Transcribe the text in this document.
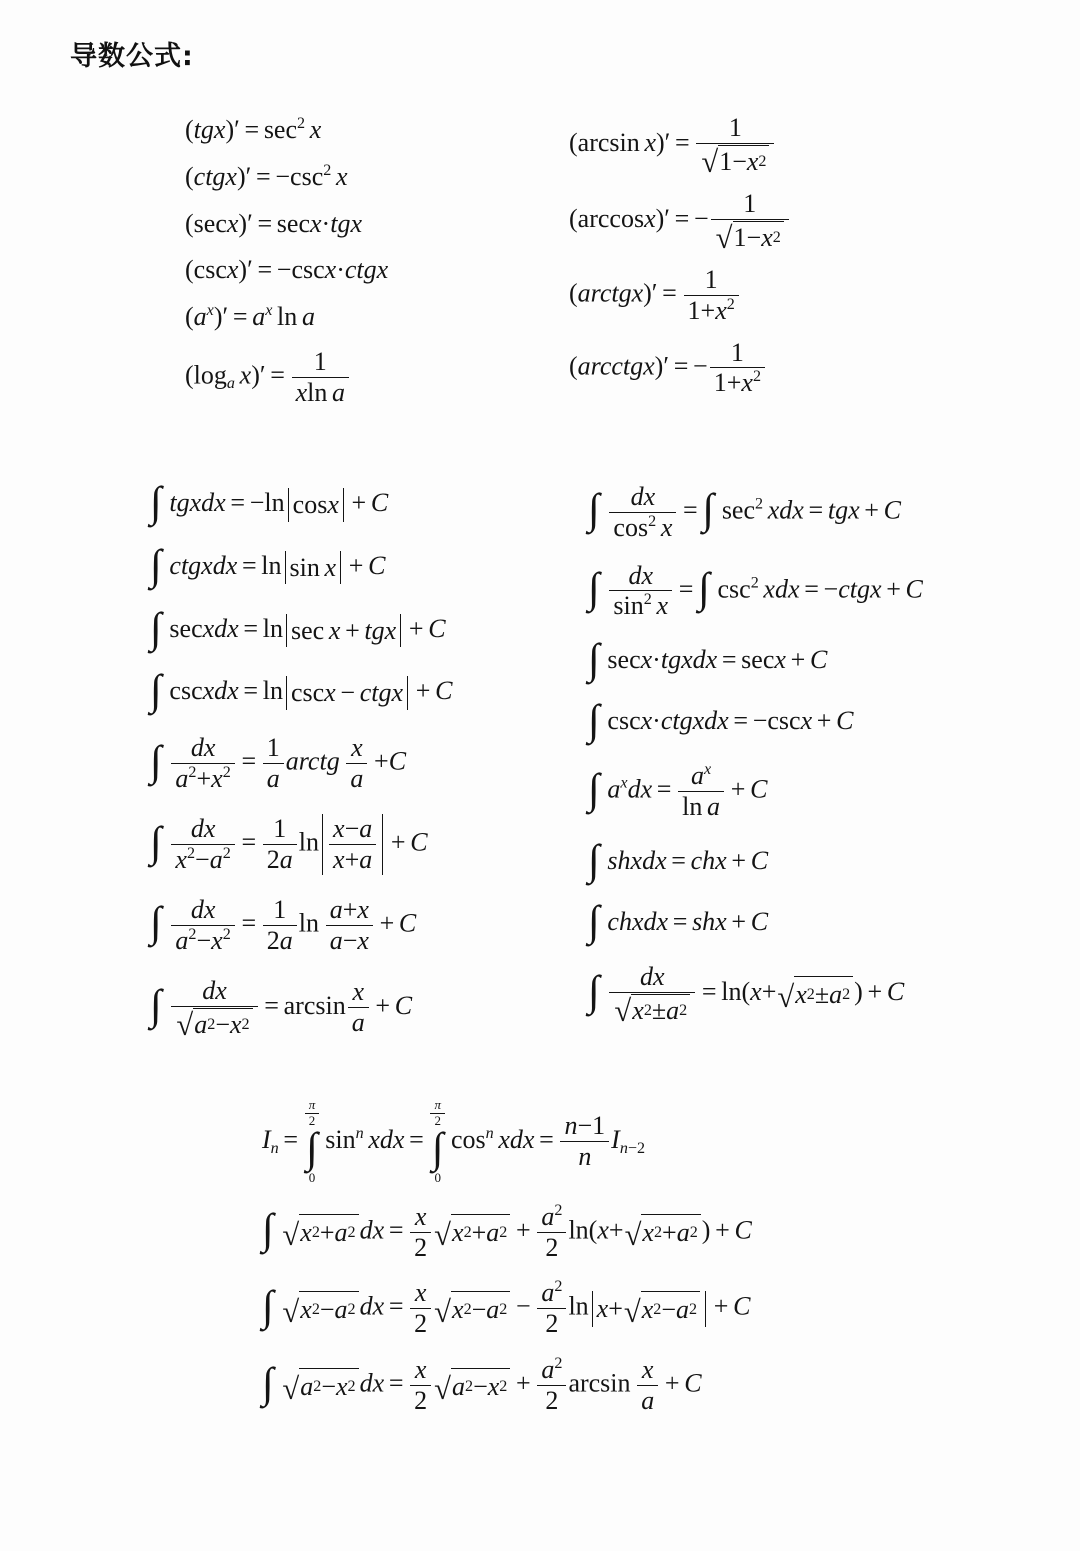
导数公式:
$(tgx)' = \sec^2 x$
(ctgx)′ = $-\csc^2$ x
(secx)′ = secx·tgx
(cscx)′ = −cscx·ctgx
$(a^x)' = a^x$ ln a
($\log_a$ $x)' = \frac{1}{\text{xln a}}$
(arcsin $x)' = \frac{1}{√ 1- x 2}$
(arccosx)′ = − $\frac{1}{√ 1- x 2}$
(arctgx)′ = $\frac{1}{1+x^2}$
(arcctgx)′ = − $\frac{1}{1+x^2}$
∫ tgxdx = −ln cos x + C
∫ ctgxdx = ln sin x + C
∫ secxdx = ln sec x + tgx + C
∫ cscxdx = ln csc x − ctgx + C
∫ $\frac{dx}{a^2+x^2} = \frac{1}{a}$ arctg $\frac{x}{a} +C$
∫ $\frac{dx}{x^2-a^2} = \frac{1}{2a}$ $\ln \frac{x-a}{x+a} + C$
∫ $\frac{dx}{a^2-x^2} = \frac{1}{2a}$ $\ln \frac{a+x}{a-x} + C$
∫ $\frac{dx}{√ a 2 - x 2} = \arcsin \frac{x}{a} + C$
∫ $\frac{dx}{\cos^2 x}$ = ∫ $\sec^2$ xdx = tgx + C
∫ $\frac{dx}{\sin^2 x}$ = ∫ $\csc^2$ xdx = −ctgx + C
∫ secx·tgxdx = secx + C
∫ cscx·ctgxdx = −cscx + C
∫ $a^xdx = \frac{a^x}{\text{ln a}} + C$
∫ shxdx = chx + C
∫ chxdx = shx + C
∫ $\frac{dx}{√ x 2 \pm a 2} = \ln(x+$ √ x 2 ± a 2 ) + C
$I_n$ =
$\frac{\pi}{2}$
∫
0
$\sin^n$ xdx =
$\frac{\pi}{2}$
∫
0
$\cos^n$ xdx = $\frac{n-1}{n} I_{n-2}$
∫ √ x 2 + a 2 dx = $\frac{x}{2}$ √ x 2 + a $2 + \frac{a^2}{2} \ln(x+$ √ x 2 + a 2 ) + C
∫ √ x 2 − a 2 dx = $\frac{x}{2}$ √ x 2 − a $2 - \frac{a^2}{2}$ ln x + √ x 2 − a 2 + C
∫ √ a 2 − x 2 dx = $\frac{x}{2}$ √ a 2 − x $2 + \frac{a^2}{2}$ $\arcsin \frac{x}{a} + C$
